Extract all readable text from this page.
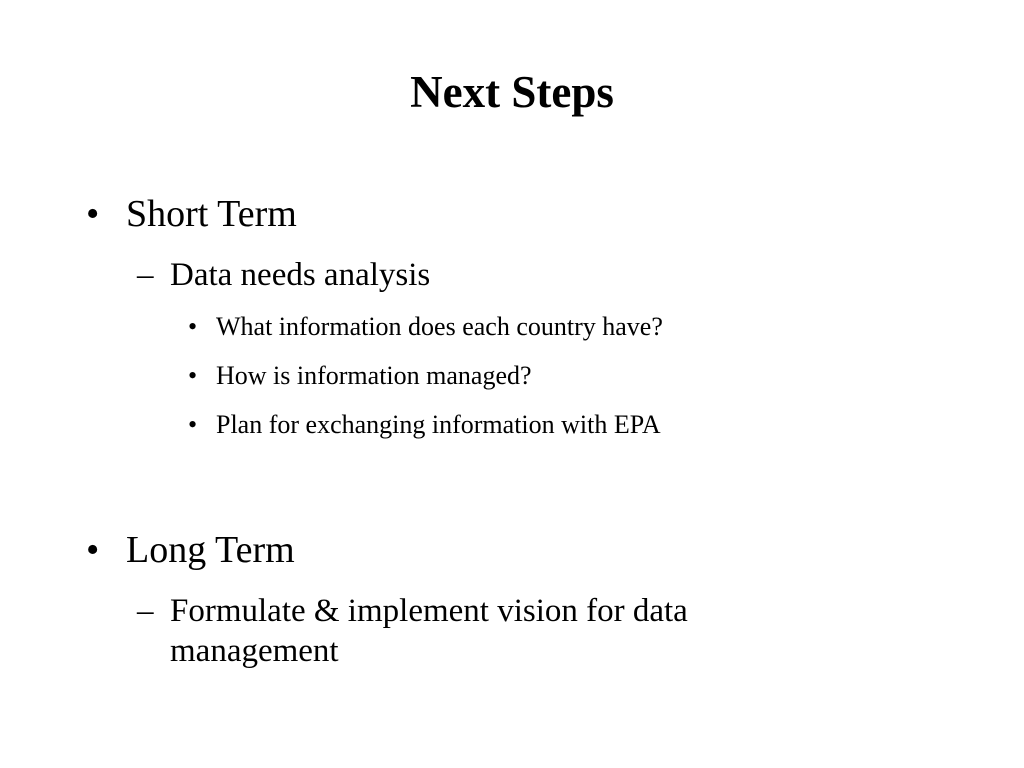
Next Steps
• Short Term
– Data needs analysis
• What information does each country have?
• How is information managed?
• Plan for exchanging information with EPA
• Long Term
– Formulate & implement vision for data management
